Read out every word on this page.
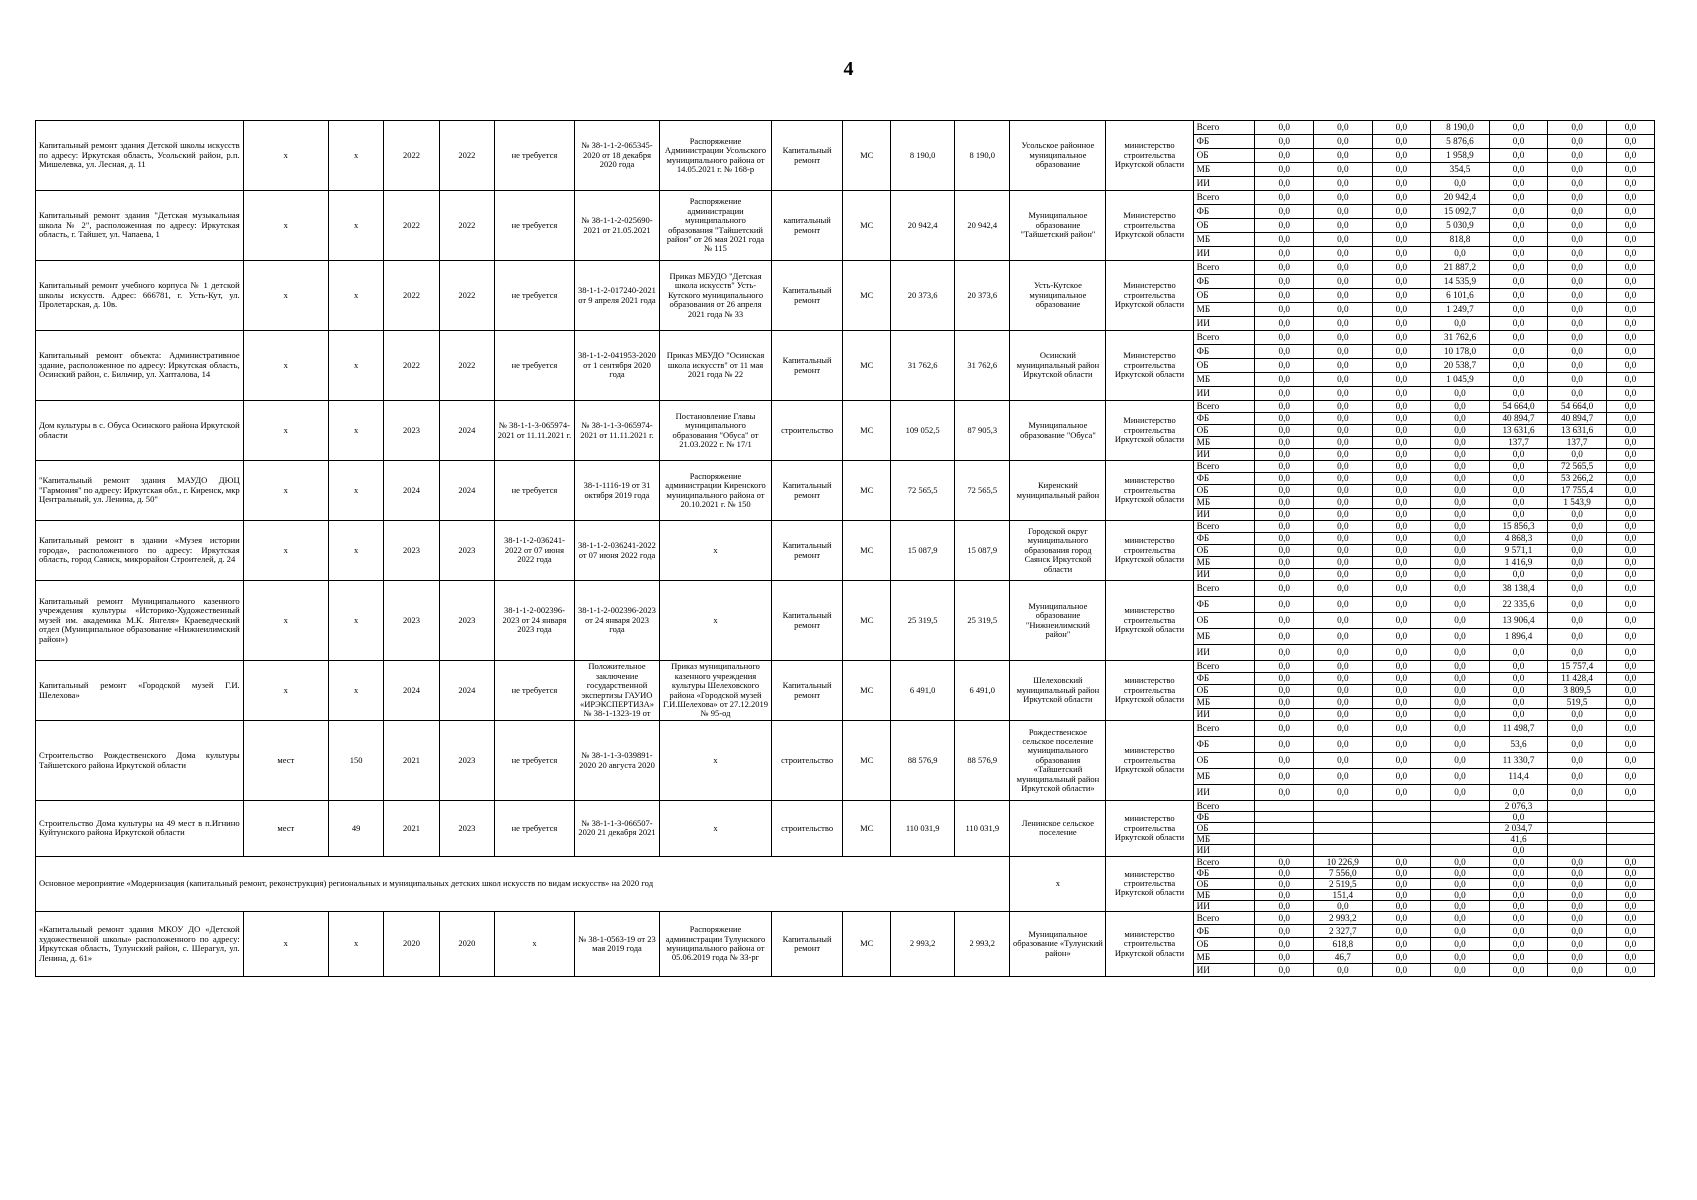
4
Капитальный ремонт здания Детской школы искусств по адресу: Иркутская область, Усольский район, р.п. Мишелевка, ул. Лесная, д. 11	x	x	2022	2022	не требуется	№ 38-1-1-2-065345-2020 от 18 декабря 2020 года	Распоряжение Администрации Усольского муниципального района от 14.05.2021 г. № 168-р	Капитальный ремонт	МС	8 190,0	8 190,0	Усольское районное муниципальное образование	министерство строительства Иркутской области	Всего	0,0	0,0	0,0	8 190,0	0,0	0,0	0,0
														ФБ	0,0	0,0	0,0	5 876,6	0,0	0,0	0,0
														ОБ	0,0	0,0	0,0	1 958,9	0,0	0,0	0,0
														МБ	0,0	0,0	0,0	354,5	0,0	0,0	0,0
														ИИ	0,0	0,0	0,0	0,0	0,0	0,0	0,0
Капитальный ремонт здания "Детская музыкальная школа № 2", расположенная по адресу: Иркутская область, г. Тайшет, ул. Чапаева, 1	x	x	2022	2022	не требуется	№ 38-1-1-2-025690-2021 от 21.05.2021	Распоряжение администрации муниципального образования "Тайшетский район" от 26 мая 2021 года № 115	капитальный ремонт	МС	20 942,4	20 942,4	Муниципальное образование "Тайшетский район"	Министерство строительства Иркутской области	Всего	0,0	0,0	0,0	20 942,4	0,0	0,0	0,0
														ФБ	0,0	0,0	0,0	15 092,7	0,0	0,0	0,0
														ОБ	0,0	0,0	0,0	5 030,9	0,0	0,0	0,0
														МБ	0,0	0,0	0,0	818,8	0,0	0,0	0,0
														ИИ	0,0	0,0	0,0	0,0	0,0	0,0	0,0
Капитальный ремонт учебного корпуса № 1 детской школы искусств. Адрес: 666781, г. Усть-Кут, ул. Пролетарская, д. 10в.	x	x	2022	2022	не требуется	38-1-1-2-017240-2021 от 9 апреля 2021 года	Приказ МБУДО "Детская школа искусств" Усть-Кутского муниципального образования от 26 апреля 2021 года № 33	Капитальный ремонт	МС	20 373,6	20 373,6	Усть-Кутское муниципальное образование	Министерство строительства Иркутской области	Всего	0,0	0,0	0,0	21 887,2	0,0	0,0	0,0
														ФБ	0,0	0,0	0,0	14 535,9	0,0	0,0	0,0
														ОБ	0,0	0,0	0,0	6 101,6	0,0	0,0	0,0
														МБ	0,0	0,0	0,0	1 249,7	0,0	0,0	0,0
														ИИ	0,0	0,0	0,0	0,0	0,0	0,0	0,0
Капитальный ремонт объекта: Административное здание, расположенное по адресу: Иркутская область, Осинский район, с. Бильчир, ул. Хапталова, 14	x	x	2022	2022	не требуется	38-1-1-2-041953-2020 от 1 сентября 2020 года	Приказ МБУДО "Осинская школа искусств" от 11 мая 2021 года № 22	Капитальный ремонт	МС	31 762,6	31 762,6	Осинский муниципальный район Иркутской области	Министерство строительства Иркутской области	Всего	0,0	0,0	0,0	31 762,6	0,0	0,0	0,0
														ФБ	0,0	0,0	0,0	10 178,0	0,0	0,0	0,0
														ОБ	0,0	0,0	0,0	20 538,7	0,0	0,0	0,0
														МБ	0,0	0,0	0,0	1 045,9	0,0	0,0	0,0
														ИИ	0,0	0,0	0,0	0,0	0,0	0,0	0,0
Дом культуры в с. Обуса Осинского района Иркутской области	x	x	2023	2024	№ 38-1-1-3-065974-2021 от 11.11.2021 г.	№ 38-1-1-3-065974-2021 от 11.11.2021 г.	Постановление Главы муниципального образования "Обуса" от 21.03.2022 г. № 17/1	строительство	МС	109 052,5	87 905,3	Муниципальное образование "Обуса"	Министерство строительства Иркутской области	Всего	0,0	0,0	0,0	0,0	54 664,0	54 664,0	0,0
														ФБ	0,0	0,0	0,0	0,0	40 894,7	40 894,7	0,0
														ОБ	0,0	0,0	0,0	0,0	13 631,6	13 631,6	0,0
														МБ	0,0	0,0	0,0	0,0	137,7	137,7	0,0
														ИИ	0,0	0,0	0,0	0,0	0,0	0,0	0,0
"Капитальный ремонт здания МАУДО ДЮЦ "Гармония" по адресу: Иркутская обл., г. Киренск, мкр Центральный, ул. Ленина, д. 50"	x	x	2024	2024	не требуется	38-1-1116-19 от 31 октября 2019 года	Распоряжение администрации Киренского муниципального района от 20.10.2021 г. № 150	Капитальный ремонт	МС	72 565,5	72 565,5	Киренский муниципальный район	министерство строительства Иркутской области	Всего	0,0	0,0	0,0	0,0	0,0	72 565,5	0,0
														ФБ	0,0	0,0	0,0	0,0	0,0	53 266,2	0,0
														ОБ	0,0	0,0	0,0	0,0	0,0	17 755,4	0,0
														МБ	0,0	0,0	0,0	0,0	0,0	1 543,9	0,0
														ИИ	0,0	0,0	0,0	0,0	0,0	0,0	0,0
Капитальный ремонт в здании «Музея истории города», расположенного по адресу: Иркутская область, город Саянск, микрорайон Строителей, д. 24	x	x	2023	2023	38-1-1-2-036241-2022 от 07 июня 2022 года	38-1-1-2-036241-2022 от 07 июня 2022 года	x	Капитальный ремонт	МС	15 087,9	15 087,9	Городской округ муниципального образования город Саянск Иркутской области	министерство строительства Иркутской области	Всего	0,0	0,0	0,0	0,0	15 856,3	0,0	0,0
														ФБ	0,0	0,0	0,0	0,0	4 868,3	0,0	0,0
														ОБ	0,0	0,0	0,0	0,0	9 571,1	0,0	0,0
														МБ	0,0	0,0	0,0	0,0	1 416,9	0,0	0,0
														ИИ	0,0	0,0	0,0	0,0	0,0	0,0	0,0
Капитальный ремонт Муниципального казенного учреждения культуры «Историко-Художественный музей им. академика М.К. Янгеля» Краеведческий отдел (Муниципальное образование «Нижнеилимский район»)	x	x	2023	2023	38-1-1-2-002396-2023 от 24 января 2023 года	38-1-1-2-002396-2023 от 24 января 2023 года	x	Капитальный ремонт	МС	25 319,5	25 319,5	Муниципальное образование "Нижнеилимский район"	министерство строительства Иркутской области	Всего	0,0	0,0	0,0	0,0	38 138,4	0,0	0,0
														ФБ	0,0	0,0	0,0	0,0	22 335,6	0,0	0,0
														ОБ	0,0	0,0	0,0	0,0	13 906,4	0,0	0,0
														МБ	0,0	0,0	0,0	0,0	1 896,4	0,0	0,0
														ИИ	0,0	0,0	0,0	0,0	0,0	0,0	0,0
Капитальный ремонт «Городской музей Г.И. Шелехова»	x	x	2024	2024	не требуется	Положительное заключение государственной экспертизы ГАУИО «ИРЭКСПЕРТИЗА» № 38-1-1323-19 от	Приказ муниципального казенного учреждения культуры Шелеховского района «Городской музей Г.И.Шелехова» от 27.12.2019 № 95-од	Капитальный ремонт	МС	6 491,0	6 491,0	Шелеховский муниципальный район Иркутской области	министерство строительства Иркутской области	Всего	0,0	0,0	0,0	0,0	0,0	15 757,4	0,0
														ФБ	0,0	0,0	0,0	0,0	0,0	11 428,4	0,0
														ОБ	0,0	0,0	0,0	0,0	0,0	3 809,5	0,0
														МБ	0,0	0,0	0,0	0,0	0,0	519,5	0,0
														ИИ	0,0	0,0	0,0	0,0	0,0	0,0	0,0
Строительство Рождественского Дома культуры Тайшетского района Иркутской области	мест	150	2021	2023	не требуется	№ 38-1-1-3-039891-2020 20 августа 2020	x	строительство	МС	88 576,9	88 576,9	Рождественское сельское поселение муниципального образования «Тайшетский муниципальный район Иркутской области»	министерство строительства Иркутской области	Всего	0,0	0,0	0,0	0,0	11 498,7	0,0	0,0
														ФБ	0,0	0,0	0,0	0,0	53,6	0,0	0,0
														ОБ	0,0	0,0	0,0	0,0	11 330,7	0,0	0,0
														МБ	0,0	0,0	0,0	0,0	114,4	0,0	0,0
														ИИ	0,0	0,0	0,0	0,0	0,0	0,0	0,0
Строительство Дома культуры на 49 мест в п.Игнино Куйтунского района Иркутской области	мест	49	2021	2023	не требуется	№ 38-1-1-3-066507-2020 21 декабря 2021	x	строительство	МС	110 031,9	110 031,9	Ленинское сельское поселение	министерство строительства Иркутской области	Всего					2 076,3		
														ФБ					0,0		
														ОБ					2 034,7		
														МБ					41,6		
														ИИ					0,0		
Основное мероприятие «Модернизация (капитальный ремонт, реконструкция) региональных и муниципальных детских школ искусств по видам искусств» на 2020 год												x	министерство строительства Иркутской области	Всего	0,0	10 226,9	0,0	0,0	0,0	0,0	0,0
														ФБ	0,0	7 556,0	0,0	0,0	0,0	0,0	0,0
														ОБ	0,0	2 519,5	0,0	0,0	0,0	0,0	0,0
														МБ	0,0	151,4	0,0	0,0	0,0	0,0	0,0
														ИИ	0,0	0,0	0,0	0,0	0,0	0,0	0,0
«Капитальный ремонт здания МКОУ ДО «Детской художественной школы» расположенного по адресу: Иркутская область, Тулунский район, с. Шерагул, ул. Ленина, д. 61»	x	x	2020	2020	x	№ 38-1-0563-19 от 23 мая 2019 года	Распоряжение администрации Тулунского муниципального района от 05.06.2019 года № 33-рг	Капитальный ремонт	МС	2 993,2	2 993,2	Муниципальное образование «Тулунский район»	министерство строительства Иркутской области	Всего	0,0	2 993,2	0,0	0,0	0,0	0,0	0,0
														ФБ	0,0	2 327,7	0,0	0,0	0,0	0,0	0,0
														ОБ	0,0	618,8	0,0	0,0	0,0	0,0	0,0
														МБ	0,0	46,7	0,0	0,0	0,0	0,0	0,0
														ИИ	0,0	0,0	0,0	0,0	0,0	0,0	0,0
